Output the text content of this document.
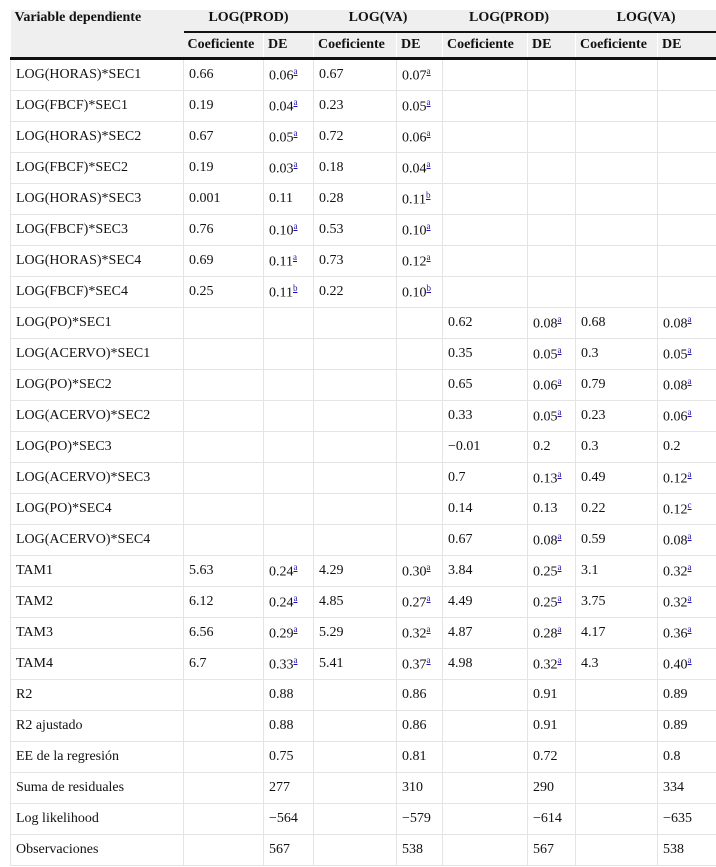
Variable dependiente	LOG(PROD)		LOG(VA)		LOG(PROD)		LOG(VA)	
	Coeficiente	DE	Coeficiente	DE	Coeficiente	DE	Coeficiente	DE
LOG(HORAS)*SEC1	0.66	0.06$^a$	0.67	0.07$^a$				
LOG(FBCF)*SEC1	0.19	0.04$^a$	0.23	0.05$^a$				
LOG(HORAS)*SEC2	0.67	0.05$^a$	0.72	0.06$^a$				
LOG(FBCF)*SEC2	0.19	0.03$^a$	0.18	0.04$^a$				
LOG(HORAS)*SEC3	0.001	0.11	0.28	0.11$^b$				
LOG(FBCF)*SEC3	0.76	0.10$^a$	0.53	0.10$^a$				
LOG(HORAS)*SEC4	0.69	0.11$^a$	0.73	0.12$^a$				
LOG(FBCF)*SEC4	0.25	0.11$^b$	0.22	0.10$^b$				
LOG(PO)*SEC1					0.62	0.08$^a$	0.68	0.08$^a$
LOG(ACERVO)*SEC1					0.35	0.05$^a$	0.3	0.05$^a$
LOG(PO)*SEC2					0.65	0.06$^a$	0.79	0.08$^a$
LOG(ACERVO)*SEC2					0.33	0.05$^a$	0.23	0.06$^a$
LOG(PO)*SEC3					−0.01	0.2	0.3	0.2
LOG(ACERVO)*SEC3					0.7	0.13$^a$	0.49	0.12$^a$
LOG(PO)*SEC4					0.14	0.13	0.22	0.12$^c$
LOG(ACERVO)*SEC4					0.67	0.08$^a$	0.59	0.08$^a$
TAM1	5.63	0.24$^a$	4.29	0.30$^a$	3.84	0.25$^a$	3.1	0.32$^a$
TAM2	6.12	0.24$^a$	4.85	0.27$^a$	4.49	0.25$^a$	3.75	0.32$^a$
TAM3	6.56	0.29$^a$	5.29	0.32$^a$	4.87	0.28$^a$	4.17	0.36$^a$
TAM4	6.7	0.33$^a$	5.41	0.37$^a$	4.98	0.32$^a$	4.3	0.40$^a$
R2		0.88		0.86		0.91		0.89
R2 ajustado		0.88		0.86		0.91		0.89
EE de la regresión		0.75		0.81		0.72		0.8
Suma de residuales		277		310		290		334
Log likelihood		−564		−579		−614		−635
Observaciones		567		538		567		538
